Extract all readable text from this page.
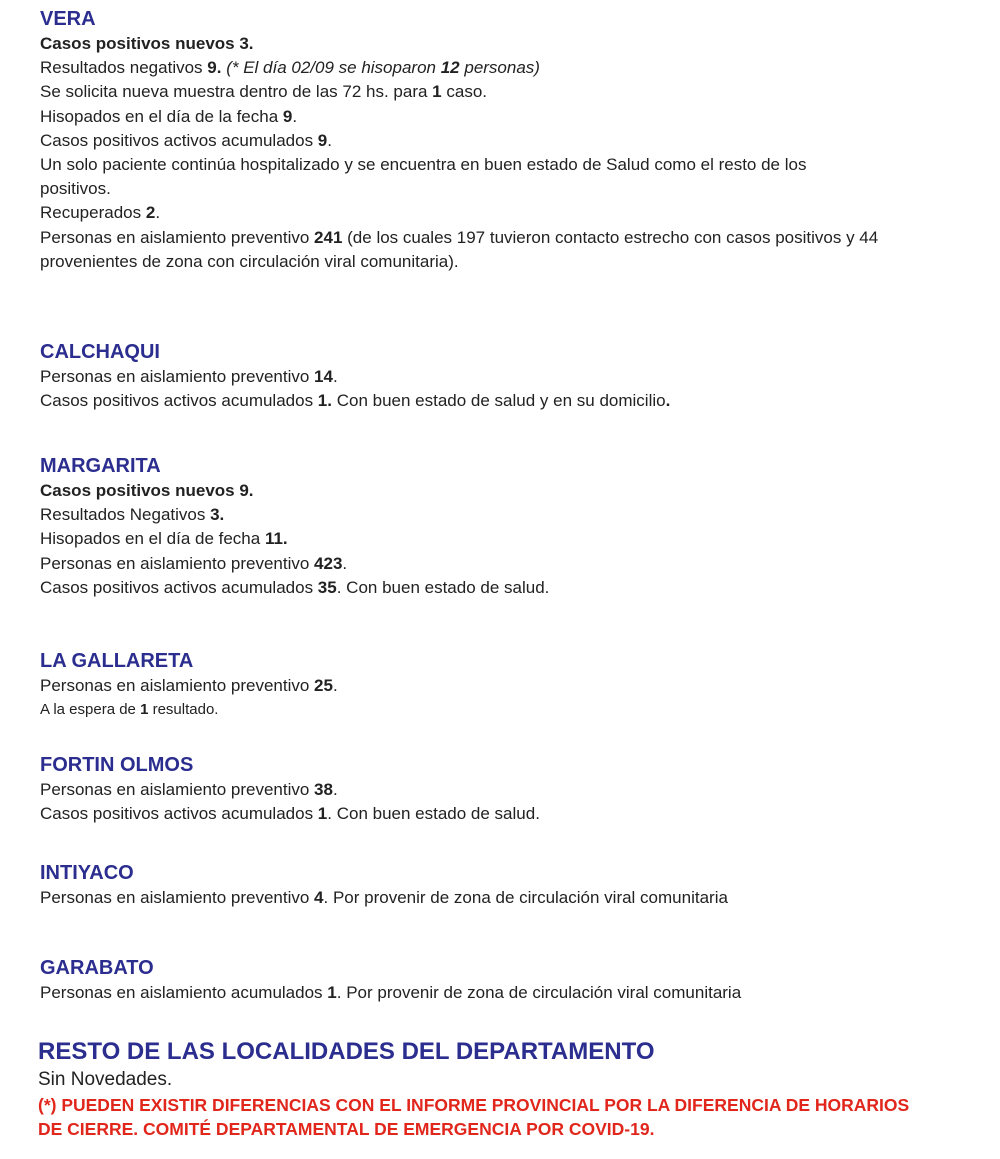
VERA
Casos positivos nuevos 3.
Resultados negativos 9. (* El día 02/09 se hisoparon 12 personas)
Se solicita nueva muestra dentro de las 72 hs. para 1 caso.
Hisopados en el día de la fecha 9.
Casos positivos activos acumulados 9.
Un solo paciente continúa hospitalizado y se encuentra en buen estado de Salud como el resto de los positivos.
Recuperados 2.
Personas en aislamiento preventivo 241 (de los cuales 197 tuvieron contacto estrecho con casos positivos y 44 provenientes de zona con circulación viral comunitaria).
CALCHAQUI
Personas en aislamiento preventivo 14.
Casos positivos activos acumulados 1. Con buen estado de salud y en su domicilio.
MARGARITA
Casos positivos nuevos 9.
Resultados Negativos 3.
Hisopados en el día de fecha 11.
Personas en aislamiento preventivo 423.
Casos positivos activos acumulados 35. Con buen estado de salud.
LA GALLARETA
Personas en aislamiento preventivo 25.
A la espera de 1 resultado.
FORTIN OLMOS
Personas en aislamiento preventivo 38.
Casos positivos activos acumulados 1. Con buen estado de salud.
INTIYACO
Personas en aislamiento preventivo 4. Por provenir de zona de circulación viral comunitaria
GARABATO
Personas en aislamiento acumulados 1. Por provenir de zona de circulación viral comunitaria
RESTO DE LAS LOCALIDADES DEL DEPARTAMENTO
Sin Novedades.
(*) PUEDEN EXISTIR DIFERENCIAS CON EL INFORME PROVINCIAL POR LA DIFERENCIA DE HORARIOS
DE CIERRE. COMITÉ DEPARTAMENTAL DE EMERGENCIA POR COVID-19.
